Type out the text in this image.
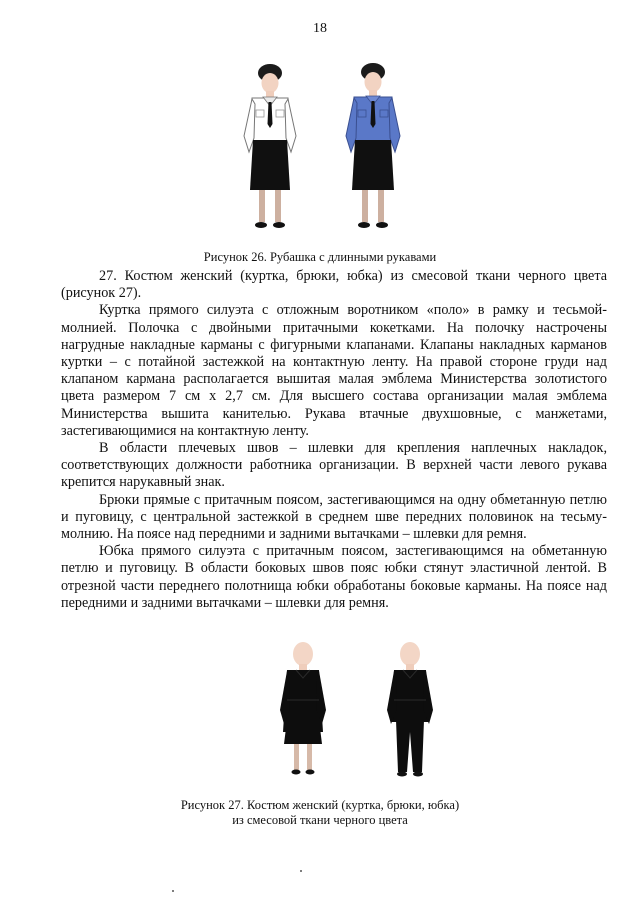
18
Рисунок 26. Рубашка с длинными рукавами

27. Костюм женский (куртка, брюки, юбка) из смесовой ткани черного цвета (рисунок 27).

Куртка прямого силуэта с отложным воротником «поло» в рамку и тесьмой-молнией. Полочка с двойными притачными кокетками. На полочку настрочены нагрудные накладные карманы с фигурными клапанами. Клапаны накладных карманов куртки – с потайной застежкой на контактную ленту. На правой стороне груди над клапаном кармана располагается вышитая малая эмблема Министерства золотистого цвета размером 7 см х 2,7 см. Для высшего состава организации малая эмблема Министерства вышита канителью. Рукава втачные двухшовные, с манжетами, застегивающимися на контактную ленту.

В области плечевых швов – шлевки для крепления наплечных накладок, соответствующих должности работника организации. В верхней части левого рукава крепится нарукавный знак.

Брюки прямые с притачным поясом, застегивающимся на одну обметанную петлю и пуговицу, с центральной застежкой в среднем шве передних половинок на тесьму-молнию. На поясе над передними и задними вытачками – шлевки для ремня.

Юбка прямого силуэта с притачным поясом, застегивающимся на обметанную петлю и пуговицу. В области боковых швов пояс юбки стянут эластичной лентой. В отрезной части переднего полотнища юбки обработаны боковые карманы. На поясе над передними и задними вытачками – шлевки для ремня.

Рисунок 27. Костюм женский (куртка, брюки, юбка)
из смесовой ткани черного цвета
